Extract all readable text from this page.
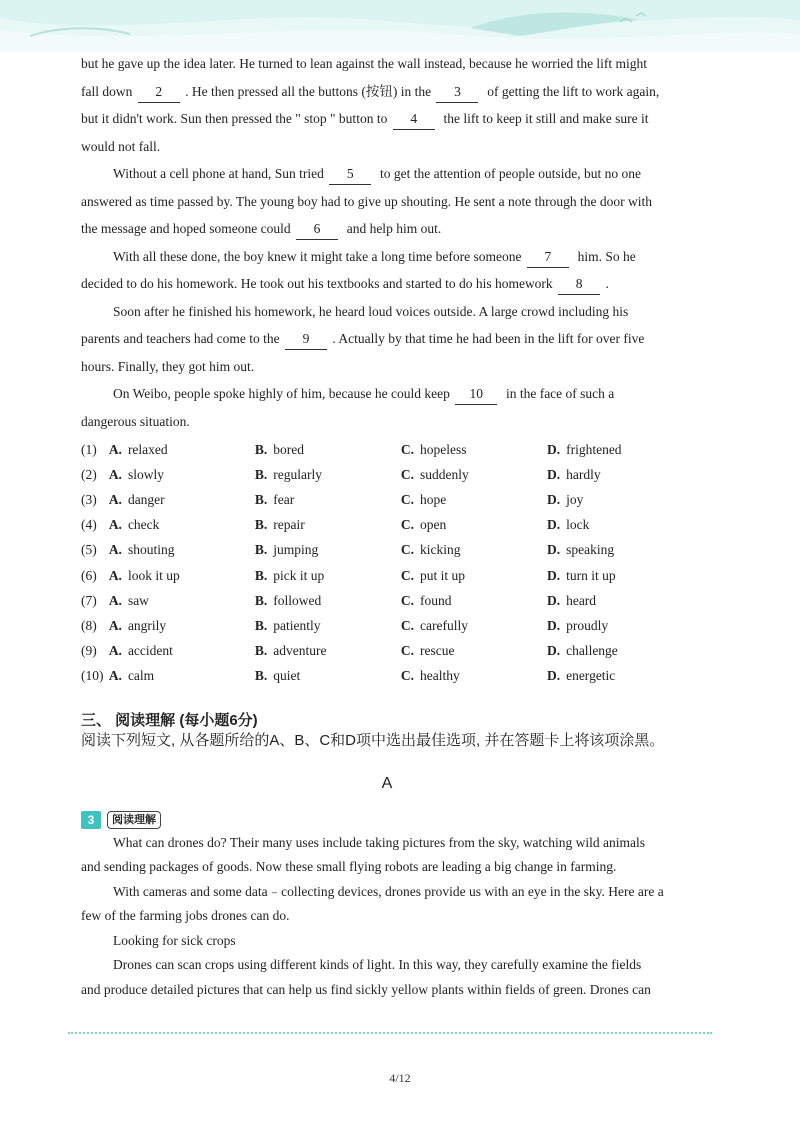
but he gave up the idea later. He turned to lean against the wall instead, because he worried the lift might
fall down 2 . He then pressed all the buttons (按钮) in the 3  of getting the lift to work again,
but it didn't work. Sun then pressed the " stop " button to 4  the lift to keep it still and make sure it
would not fall.
Without a cell phone at hand, Sun tried 5  to get the attention of people outside, but no one
answered as time passed by. The young boy had to give up shouting. He sent a note through the door with
the message and hoped someone could 6  and help him out.
With all these done, the boy knew it might take a long time before someone 7  him. So he
decided to do his homework. He took out his textbooks and started to do his homework 8 .
Soon after he finished his homework, he heard loud voices outside. A large crowd including his
parents and teachers had come to the 9 . Actually by that time he had been in the lift for over five
hours. Finally, they got him out.
On Weibo, people spoke highly of him, because he could keep 10  in the face of such a
dangerous situation.
(1) A. relaxed	B. bored	C. hopeless	D. frightened
(2) A. slowly	B. regularly	C. suddenly	D. hardly
(3) A. danger	B. fear	C. hope	D. joy
(4) A. check	B. repair	C. open	D. lock
(5) A. shouting	B. jumping	C. kicking	D. speaking
(6) A. look it up	B. pick it up	C. put it up	D. turn it up
(7) A. saw	B. followed	C. found	D. heard
(8) A. angrily	B. patiently	C. carefully	D. proudly
(9) A. accident	B. adventure	C. rescue	D. challenge
(10) A. calm	B. quiet	C. healthy	D. energetic
三、 阅读理解 (每小题6分)
阅读下列短文, 从各题所给的A、B、C和D项中选出最佳选项, 并在答题卡上将该项涂黑。
A
3	阅读理解
What can drones do? Their many uses include taking pictures from the sky, watching wild animals
and sending packages of goods. Now these small flying robots are leading a big change in farming.
With cameras and some data﹣collecting devices, drones provide us with an eye in the sky. Here are a
few of the farming jobs drones can do.
Looking for sick crops
Drones can scan crops using different kinds of light. In this way, they carefully examine the fields
and produce detailed pictures that can help us find sickly yellow plants within fields of green. Drones can
4/12
